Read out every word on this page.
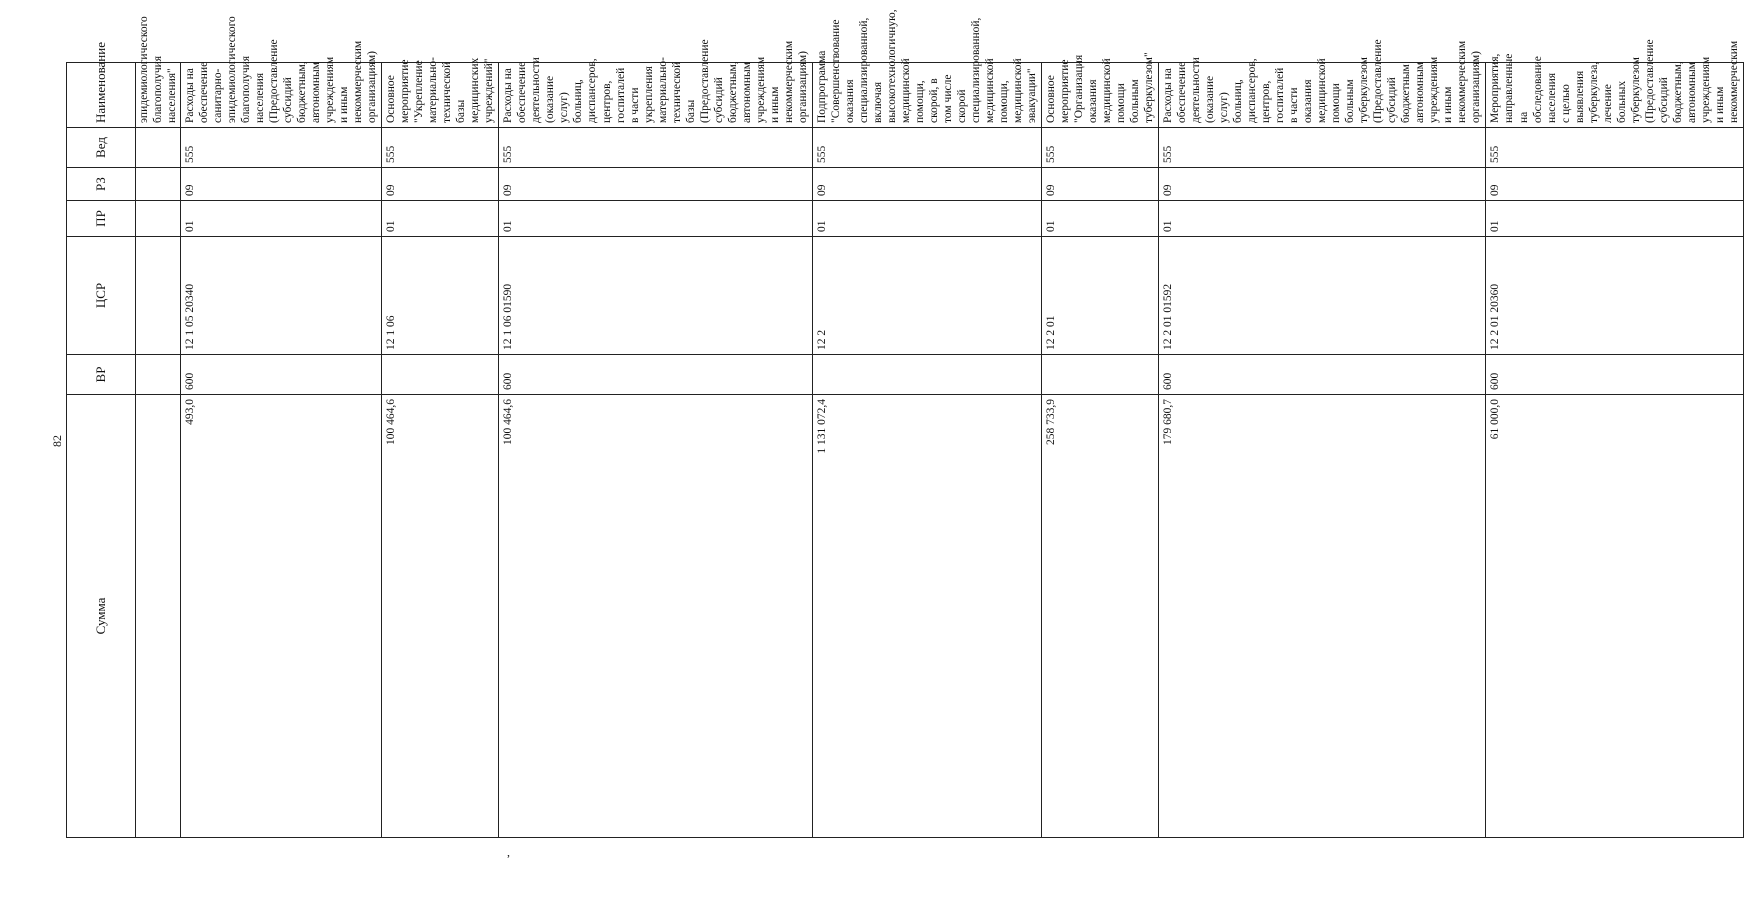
82
,
Сумма	ВР	ЦСР	ПР	РЗ	Вед	Наименование
						эпидемиологического благополучия населения"
493,0	600	12 1 05 20340	01	09	555	Расходы на обеспечение санитарно-эпидемиологического благополучия населения (Предоставление субсидий бюджетным, автономным учреждениям и иным некоммерческим организациям)
100 464,6		12 1 06	01	09	555	Основное мероприятие "Укрепление материально-технической базы медицинских учреждений"
100 464,6	600	12 1 06 01590	01	09	555	Расходы на обеспечение деятельности (оказание услуг) больниц, диспансеров, центров, госпиталей в части укрепления материально-технической базы (Предоставление субсидий бюджетным, автономным учреждениям и иным некоммерческим организациям)
1 131 072,4		12 2	01	09	555	Подпрограмма "Совершенствование оказания специализированной, включая высокотехнологичную, медицинской помощи, скорой, в том числе скорой специализированной, медицинской помощи, медицинской эвакуации"
258 733,9		12 2 01	01	09	555	Основное мероприятие "Организация оказания медицинской помощи больным туберкулезом"
179 680,7	600	12 2 01 01592	01	09	555	Расходы на обеспечение деятельности (оказание услуг) больниц, диспансеров, центров, госпиталей в части оказания медицинской помощи больным туберкулезом (Предоставление субсидий бюджетным автономным учреждениям и иным некоммерческим организациям)
61 000,0	600	12 2 01 20360	01	09	555	Мероприятия, направленные на обследование населения с целью выявления туберкулеза, лечение больных туберкулезом (Предоставление субсидий бюджетным, автономным учреждениям и иным некоммерческим
